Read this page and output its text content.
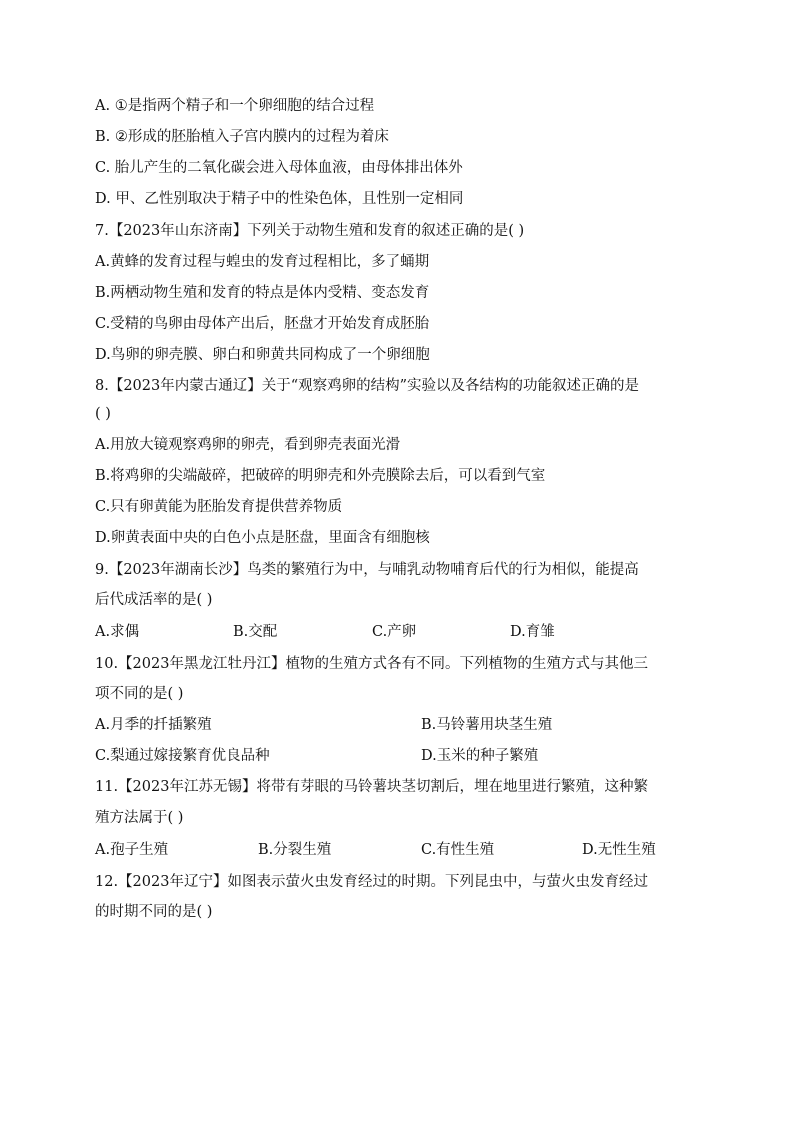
A. ①是指两个精子和一个卵细胞的结合过程
B. ②形成的胚胎植入子宫内膜内的过程为着床
C. 胎儿产生的二氧化碳会进入母体血液，由母体排出体外
D. 甲、乙性别取决于精子中的性染色体，且性别一定相同
7.【2023年山东济南】下列关于动物生殖和发育的叙述正确的是( )
A.黄蜂的发育过程与蝗虫的发育过程相比，多了蛹期
B.两栖动物生殖和发育的特点是体内受精、变态发育
C.受精的鸟卵由母体产出后，胚盘才开始发育成胚胎
D.鸟卵的卵壳膜、卵白和卵黄共同构成了一个卵细胞
8.【2023年内蒙古通辽】关于“观察鸡卵的结构”实验以及各结构的功能叙述正确的是
( )
A.用放大镜观察鸡卵的卵壳，看到卵壳表面光滑
B.将鸡卵的尖端敲碎，把破碎的明卵壳和外壳膜除去后，可以看到气室
C.只有卵黄能为胚胎发育提供营养物质
D.卵黄表面中央的白色小点是胚盘，里面含有细胞核
9.【2023年湖南长沙】鸟类的繁殖行为中，与哺乳动物哺育后代的行为相似，能提高
后代成活率的是( )
A.求偶	B.交配	C.产卵	D.育雏
10.【2023年黑龙江牡丹江】植物的生殖方式各有不同。下列植物的生殖方式与其他三
项不同的是( )
A.月季的扦插繁殖	B.马铃薯用块茎生殖
C.梨通过嫁接繁育优良品种	D.玉米的种子繁殖
11.【2023年江苏无锡】将带有芽眼的马铃薯块茎切割后，埋在地里进行繁殖，这种繁
殖方法属于( )
A.孢子生殖	B.分裂生殖	C.有性生殖	D.无性生殖
12.【2023年辽宁】如图表示萤火虫发育经过的时期。下列昆虫中，与萤火虫发育经过
的时期不同的是( )
